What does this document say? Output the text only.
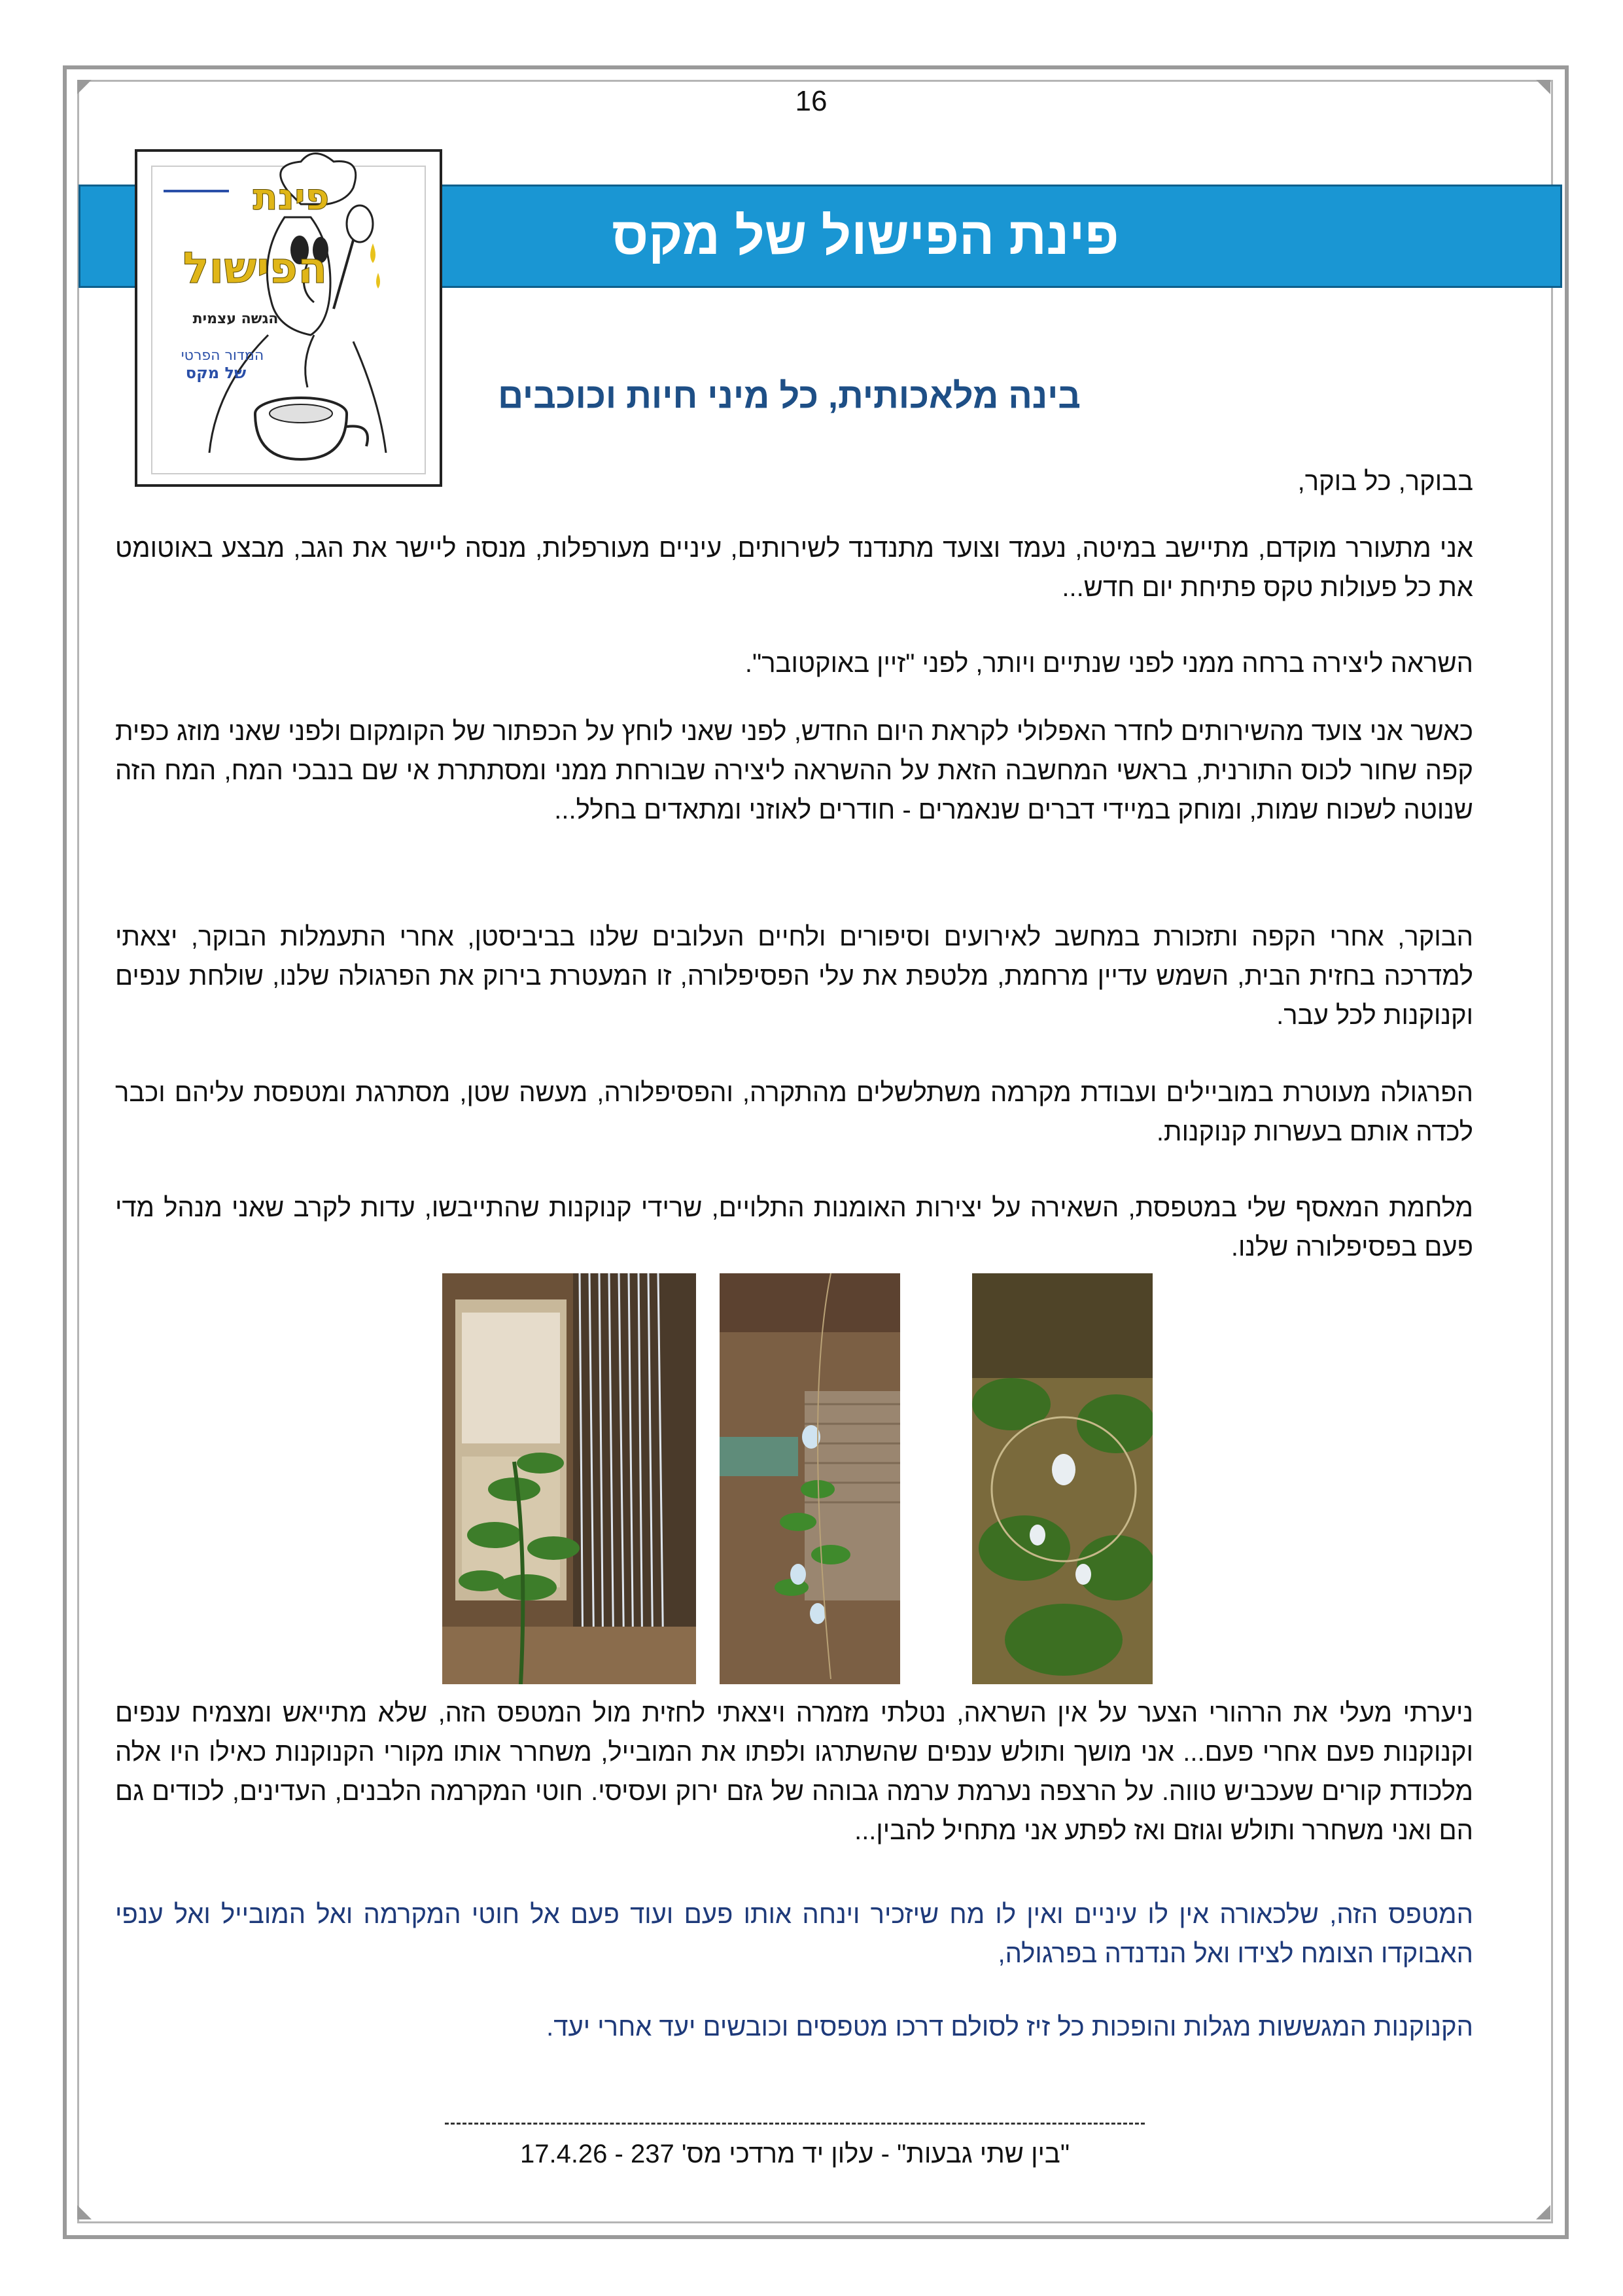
16
פינת הפישול של מקס
פינת
הפישול
הגשה עצמית
המדור הפרטי
של מקס
בינה מלאכותית, כל מיני חיות וכוכבים
בבוקר, כל בוקר,
אני מתעורר מוקדם, מתיישב במיטה, נעמד וצועד מתנדנד לשירותים, עיניים מעורפלות, מנסה ליישר את הגב, מבצע באוטומט את כל פעולות טקס פתיחת יום חדש...
השראה ליצירה ברחה ממני לפני שנתיים ויותר, לפני "זיין באוקטובר".
כאשר אני צועד מהשירותים לחדר האפלולי לקראת היום החדש, לפני שאני לוחץ על הכפתור של הקומקום ולפני שאני מוזג כפית קפה שחור לכוס התורנית, בראשי המחשבה הזאת על ההשראה ליצירה שבורחת ממני ומסתתרת אי שם בנבכי המח, המח הזה שנוטה לשכוח שמות, ומוחק במיידי דברים שנאמרים - חודרים לאוזני ומתאדים בחלל...
הבוקר, אחרי הקפה ותזכורת במחשב לאירועים וסיפורים ולחיים העלובים שלנו בביביסטן, אחרי התעמלות הבוקר, יצאתי למדרכה בחזית הבית, השמש עדיין מרחמת, מלטפת את עלי הפסיפלורה, זו המעטרת בירוק את הפרגולה שלנו, שולחת ענפים וקנוקנות לכל עבר.
הפרגולה מעוטרת במוביילים ועבודת מקרמה משתלשלים מהתקרה, והפסיפלורה, מעשה שטן, מסתרגת ומטפסת עליהם וכבר לכדה אותם בעשרות קנוקנות.
מלחמת המאסף שלי במטפסת, השאירה על יצירות האומנות התלויים, שרידי קנוקנות שהתייבשו, עדות לקרב שאני מנהל מדי פעם בפסיפלורה שלנו.
ניערתי מעלי את הרהורי הצער על אין השראה, נטלתי מזמרה ויצאתי לחזית מול המטפס הזה, שלא מתייאש ומצמיח ענפים וקנוקנות פעם אחרי פעם... אני מושך ותולש ענפים שהשתרגו ולפתו את המובייל, משחרר אותו מקורי הקנוקנות כאילו היו אלה מלכודת קורים שעכביש טווה. על הרצפה נערמת ערמה גבוהה של גזם ירוק ועסיסי. חוטי המקרמה הלבנים, העדינים, לכודים גם הם ואני משחרר ותולש וגוזם ואז לפתע אני מתחיל להבין...
המטפס הזה, שלכאורה אין לו עיניים ואין לו מח שיזכיר וינחה אותו פעם ועוד פעם אל חוטי המקרמה ואל המובייל ואל ענפי האבוקדו הצומח לצידו ואל הנדנדה בפרגולה,
הקנוקנות המגששות מגלות והופכות כל זיז לסולם דרכו מטפסים וכובשים יעד אחרי יעד.
"בין שתי גבעות" - עלון יד מרדכי מס' 237 - 17.4.26
